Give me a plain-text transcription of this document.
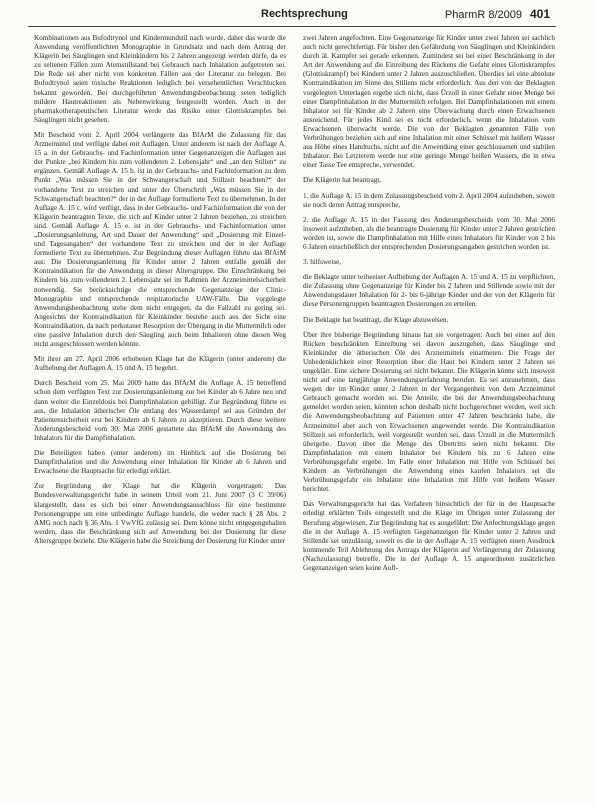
Rechtsprechung	PharmR 8/2009 401

Kombinationen aus Bufodtrynol und Kindermundstil nach wurde, daher das wurde die Anwendung veröffentlichten Monographie in Grundsatz und nach dem Antrag der Klägerin bei Säuglingen und Kleinkindern bis 2 Jahren angezeigt werden dürfe, da es zu seltenen Fällen zum Atemstillstand bei Gebrauch nach Inhalation aufgetreten sei. Die Rede sei aber nicht von konkreten Fällen aus der Literatur zu belegen. Bei Bufodtrynol seien toxische Reaktionen lediglich bei versehentlichen Verschlucken bekannt geworden. Bei durchgeführten Anwendungsbeobachtung seien lediglich mildere Hautreaktionen als Nebenwirkung festgestellt worden. Auch in der pharmakotherapeutischen Literatur werde das Risiko einer Glottiskrampfes bei Säuglingen nicht gesehen.

Mit Bescheid vom 2. April 2004 verlängerte das BfArM die Zulassung für das Arzneimittel und verfügte dabei mit Auflagen. Unter anderem ist nach der Auflage A. 15 a. in der Gebrauchs- und Fachinformation unter Gegenanzeigen die Auflagen aus der Punkte „bei Kindern bis zum vollendeten 2. Lebensjahr“ und „an den Stillen“ zu ergänzen. Gemäß Auflage A. 15 b. ist in der Gebrauchs- und Fachinformation zu dem Punkt „Was müssen Sie in der Schwangerschaft und Stillzeit beachten?“ der vorhandene Text zu streichen und unter der Überschrift „Was müssen Sie in der Schwangerschaft beachten?“ der in der Auflage formulierte Text zu übernehmen. In der Auflage A. 15 c. wird verfügt, dass in der Gebrauchs- und Fachinformation die von der Klägerin beantragten Texte, die sich auf Kinder unter 2 Jahren beziehen, zu streichen sind. Gemäß Auflage A. 15 e. ist in der Gebrauchs- und Fachinformation unter „Dosierungsanleitung, Art und Dauer der Anwendung“ und „Dosierung mit Einzel- und Tagesangaben“ der vorhandene Text zu streichen und der in der Auflage formulierte Text zu übernehmen. Zur Begründung dieser Auflagen führte das BfArM aus: Die Dosierungsanleitung für Kinder unter 2 Jahren entfalle gemäß der Kontraindikation für die Anwendung in dieser Altersgruppe. Die Einschränkung bei Kindern bis zum vollendeten 2. Lebensjahr sei im Rahmen der Arzneimittelsicherheit notwendig. Sie berücksichtige die entsprechende Gegenanzeige der Clinic-Monographie und entsprechende respiratorische UAW-Fälle. Die vorgelegte Anwendungsbeobachtung stehe dem nicht entgegen, da die Fallzahl zu gering sei. Angesichts der Kontraindikation für Kleinkinder bestehe auch aus der Sicht eine Kontraindikation, da nach perkutaner Resorption der Übergang in die Muttermilch oder eine passive Inhalation durch den Säugling auch beim Inhalieren ohne diesen Weg nicht ausgeschlossen werden könnte.

Mit ihrer am 27. April 2006 erhobenen Klage hat die Klägerin (unter anderem) die Aufhebung der Auflagen A. 15 und A. 15 begehrt.

Durch Bescheid vom 25. Mai 2009 hatte das BfArM die Auflage A. 15 betreffend schon dem verfügten Text zur Dosierungsanleitung zur bei Kinder ab 6 Jahre neu und dann weiter die Einzeldosis bei Dampfinhalation gebilligt. Zur Begründung führte es aus, die Inhalation ätherischer Öle entlang des Wasserdampf sei aus Gründen der Patientensicherheit erst bei Kindern ab 6 Jahren zu akzeptieren. Durch diese weitere Änderungsbescheid vom 30. Mai 2006 gestattete das BfArM die Anwendung des Inhalators für die Dampfinhalation.

Die Beteiligten haben (unter anderem) im Hinblick auf die Dosierung bei Dampfinhalation und die Anwendung einer Inhalation für Kinder ab 6 Jahren und Erwachsene die Hauptsache für erledigt erklärt.

Zur Begründung der Klage hat die Klägerin vorgetragen: Das Bundesverwaltungsgericht habe in seinem Urteil vom 21. Juni 2007 (3 C 39/06) klargestellt, dass es sich bei einer Anwendungsausschluss für eine bestimmte Personengruppe um eine unbedingte Auflage handele, die weder nach § 28 Abs. 2 AMG noch nach § 36 Abs. 1 VwVfG zulässig sei. Dem könne nicht entgegengehalten werden, dass die Beschränkung sich auf Anwendung bei der Dosierung für diese Altersgruppe bezieht. Die Klägerin habe die Streichung der Dosierung für Kinder unter

zwei Jahren angefochten. Eine Gegenanzeige für Kinder unter zwei Jahren sei sachlich auch nicht gerechtfertigt. Für bisher den Gefährdung von Säuglingen und Kleinkindern durch äl. Kampfer sei gerade erkennen. Zumindest sei bei einer Beschränkung in der Art der Anwendung auf die Einreibung des Rückens die Gefahr eines Glottiskrampfes (Glottiskrampf) bei Kindern unter 2 Jahren auszuschließen. Überdies sei eine absolute Kontraindikation im Sinne des Stillens nicht erforderlich. Aus den von der Beklagten vorgelegten Unterlagen ergebe sich nicht, dass Ürzoll in einer Gefahr einer Menge bei einer Dampfinhalation in der Muttermilch erfolgen. Bei Dampfinhalationen mit einem Inhalator sei für Kinder ab 2 Jahren eine Überwachung durch einen Erwachsenen ausreichend. Für jedes Kind sei es nicht erforderlich, wenn die Inhalation vom Erwachsenen überwacht werde. Die von der Beklagten genannten Fälle von Verbrühungen beziehen sich auf eine Inhalation mit einer Schüssel mit heißem Wasser aus Höhe eines Handtuchs, nicht auf die Anwendung einer geschlossenen und stabilen Inhalator. Bei Letzterem werde nur eine geringe Menge heißen Wassers, die in etwa einer Tasse Tee entspreche, verwendet.

Die Klägerin hat beantragt,

1. die Auflage A. 15 in dem Zulassungsbescheid vom 2. April 2004 aufzuheben, soweit sie noch deren Antrag entspreche,

2. die Auflage A. 15 in der Fassung des Änderungsbescheids vom 30. Mai 2006 insoweit aufzuheben, als die beantragte Dosierung für Kinder unter 2 Jahren gestrichen worden ist, sowie die Dampfinhalation mit Hilfe eines Inhalators für Kinder von 2 bis 6 Jahren einschließlich der entsprechenden Dosierungsangaben gestrichen worden ist.

3. hilfsweise,

die Beklagte unter teilweiser Aufhebung der Auflagen A. 15 und A. 15 zu verpflichten, die Zulassung ohne Gegenanzeige für Kinder bis 2 Jahren und Stillende sowie mit der Anwendungsdauer Inhalation für 2- bis 6-jährige Kinder und der von der Klägerin für diese Personengruppen beantragten Dosierungen zu erteilen.

Die Beklagte hat beantragt, die Klage abzuweisen.

Über ihre bisherige Begründung hinaus hat sie vorgetragen: Auch bei einer auf den Rücken beschränkten Einreibung sei davon auszugehen, dass Säuglinge und Kleinkinder die ätherischen Öle des Arzneimittels einatmeten. Die Frage der Unbedenklichkeit einer Resorption über die Haut bei Kindern unter 2 Jahren sei ungeklärt. Eine sichere Dosierung sei nicht bekannt. Die Klägerin könne sich insoweit nicht auf eine langjährige Anwendungserfahrung berufen. Es sei anzunehmen, dass wegen der im Kinder unter 2 Jahren in der Vergangenheit von dem Arzneimittel Gebrauch gemacht worden sei. Die Anteile, die bei der Anwendungsbeobachtung gemeldet worden seien, könnten schon deshalb nicht hochgerechnet werden, weil sich die Anwendungsbeobachtung auf Patienten unter 47 Jahren beschränkt habe, die Arzneimittel aber auch von Erwachsenen angewendet werde. Die Kontraindikation Stillzeit sei erforderlich, weil vorgestellt worden sei, dass Ürzoll in die Muttermilch übergehe. Davon über die Menge des Übertritts seien nicht bekannt. Die Dampfinhalation mit einem Inhalator bei Kindern bis zu 6 Jahren eine Verbrühungsgefahr ergebe. Im Falle einer Inhalation mit Hilfe von Schüssel bei Kindern an Verbrühungen die Anwendung eines kaufen Inhalators sei die Verbrühungsgefahr ein Inhalator eine Inhalation mit Hilfe von heißem Wasser berichtet.

Das Verwaltungsgericht hat das Verfahren hinsichtlich der für in der Hauptsache erledigt erklärten Teils eingestellt und die Klage im Übrigen unter Zulassung der Berufung abgewiesen. Zur Begründung hat es ausgeführt: Die Anfechtungsklage gegen die in der Auflage A. 15 verfügten Gegenanzeigen für Kinder unter 2 Jahren und Stillende sei unzulässig, soweit es die in der Auflage A. 15 verfügten einen Ausdruck kommende Teil Ablehnung des Antrags der Klägerin auf Verlängerung der Zulassung (Nachzulassung) betreffe. Die in der Auflage A. 15 angeordneten zusätzlichen Gegenanzeigen seien keine Aufl-
